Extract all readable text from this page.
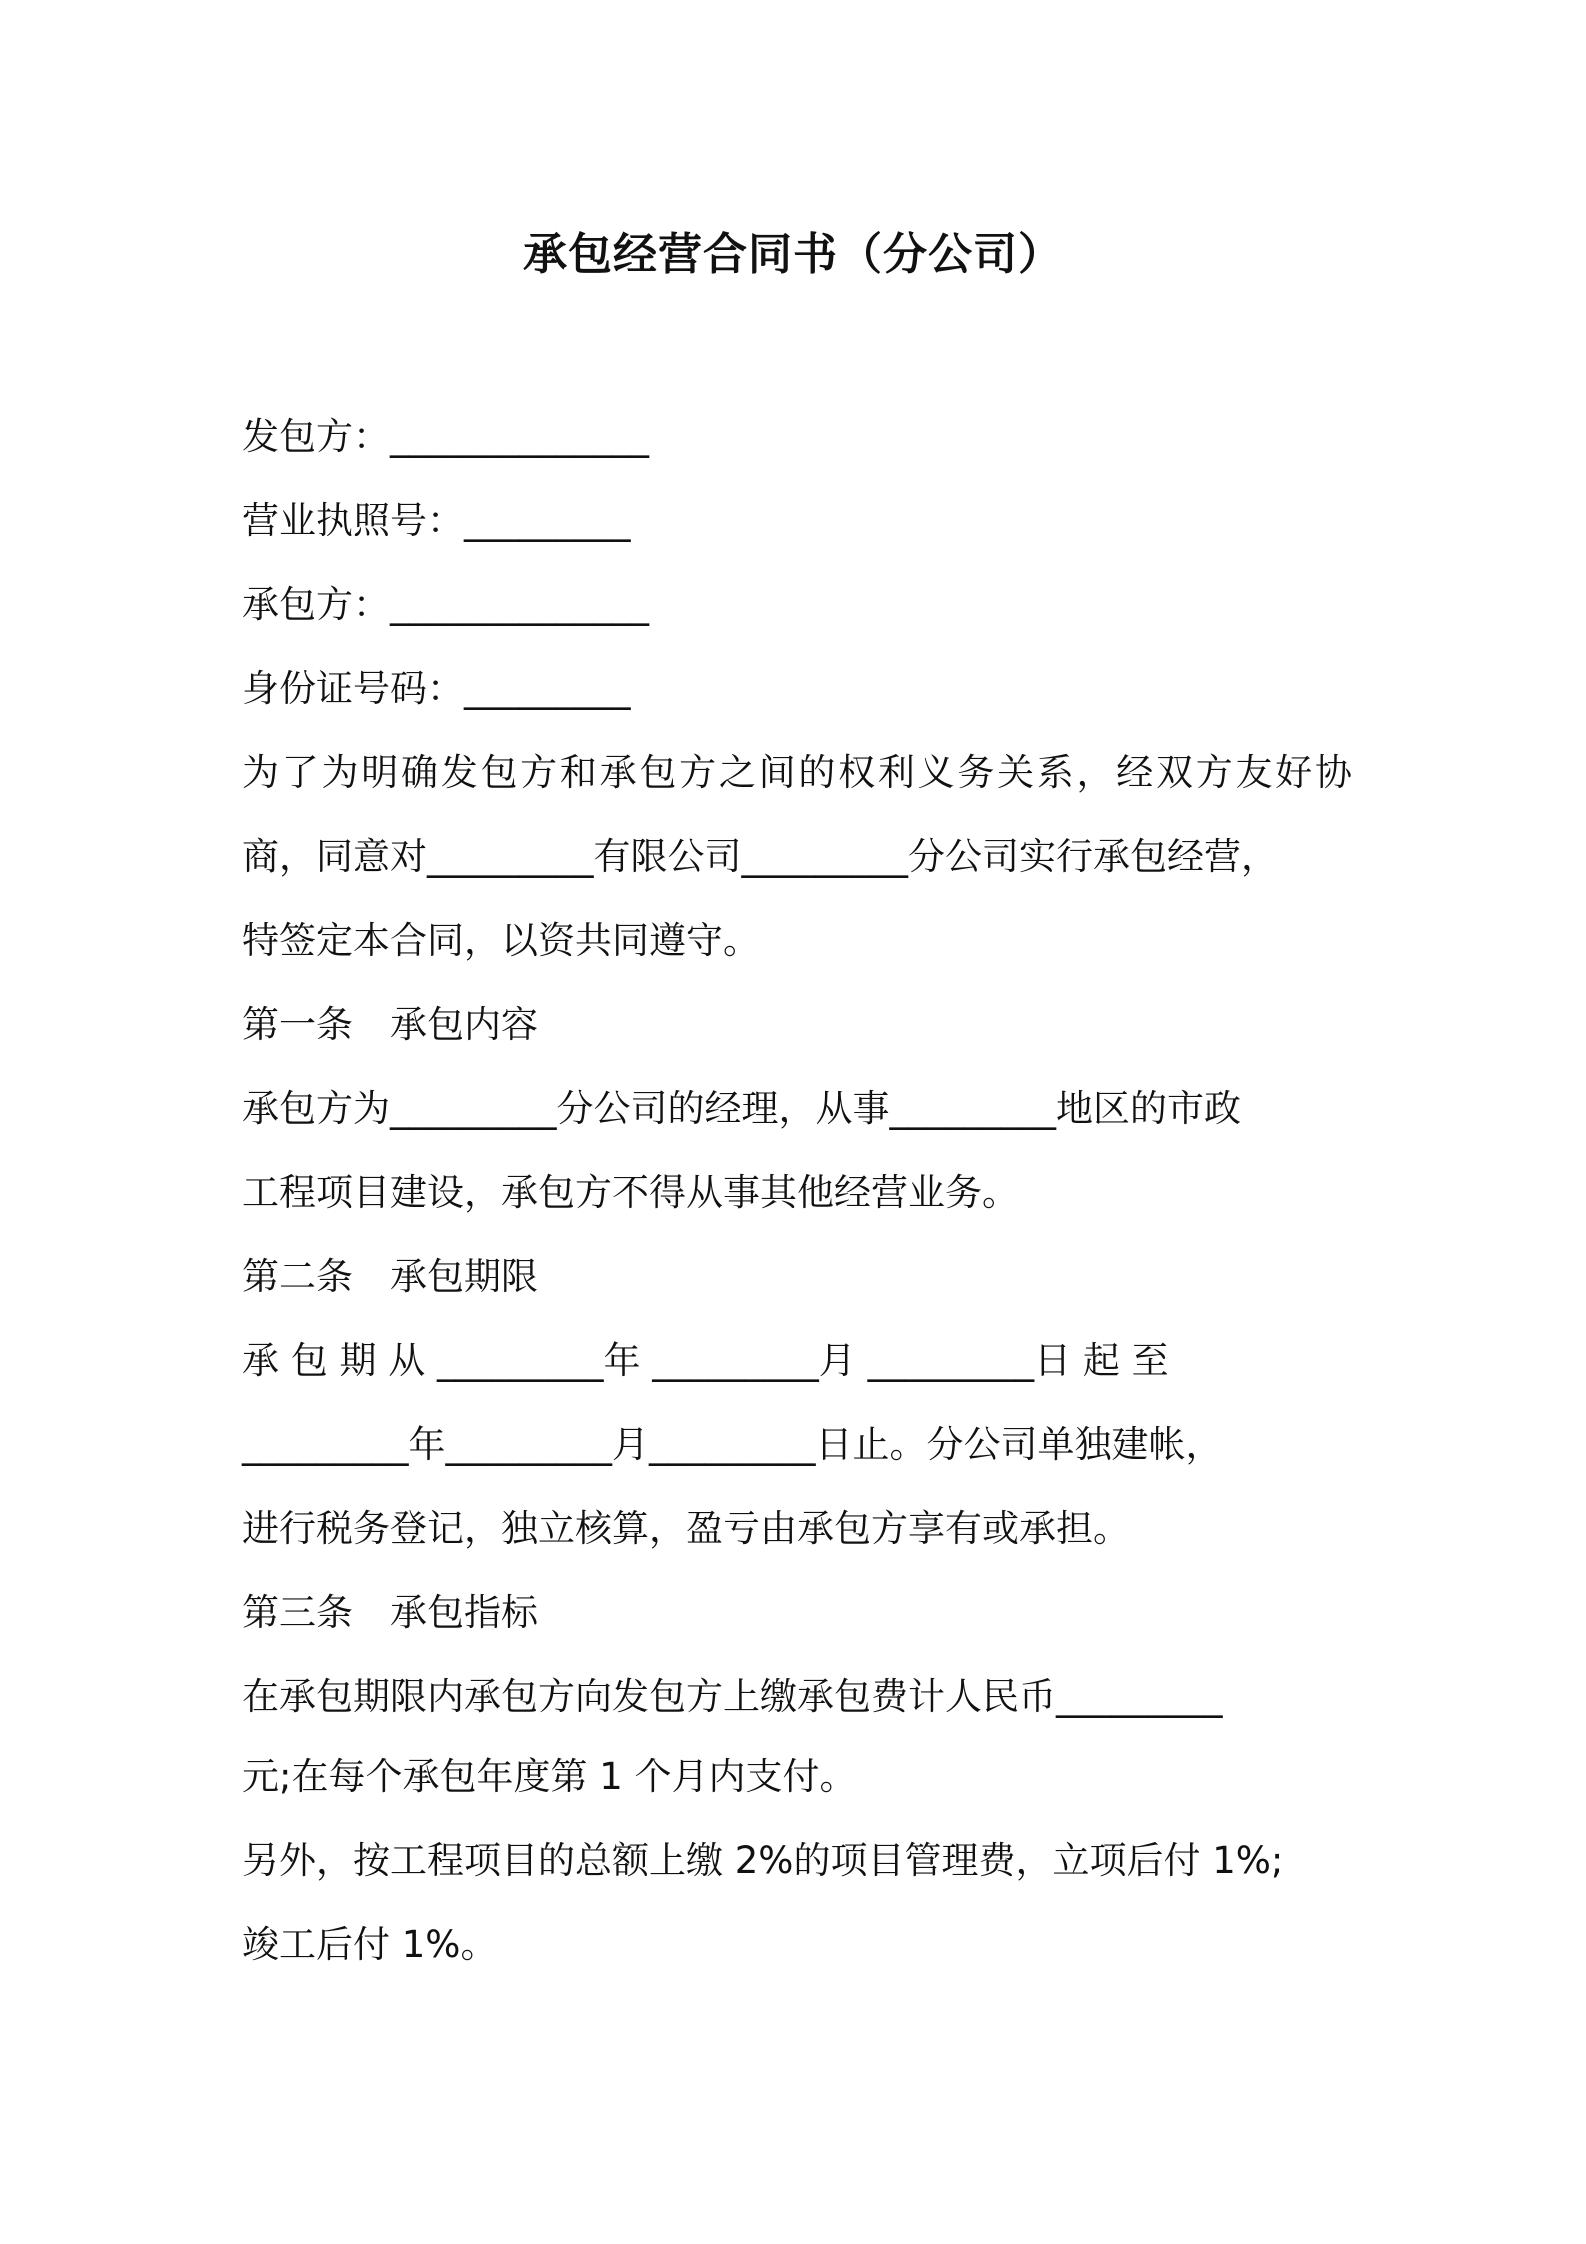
承包经营合同书（分公司）
发包方：______________
营业执照号：_________
承包方：______________
身份证号码：_________
为了为明确发包方和承包方之间的权利义务关系，经双方友好协
商，同意对_________有限公司_________分公司实行承包经营，
特签定本合同，以资共同遵守。
第一条　承包内容
承包方为_________分公司的经理，从事_________地区的市政
工程项目建设，承包方不得从事其他经营业务。
第二条　承包期限
承 包 期 从 _________年 _________月 _________日 起 至
_________年_________月_________日止。分公司单独建帐，
进行税务登记，独立核算，盈亏由承包方享有或承担。
第三条　承包指标
在承包期限内承包方向发包方上缴承包费计人民币_________
元;在每个承包年度第 1 个月内支付。
另外，按工程项目的总额上缴 2%的项目管理费，立项后付 1%;
竣工后付 1%。
